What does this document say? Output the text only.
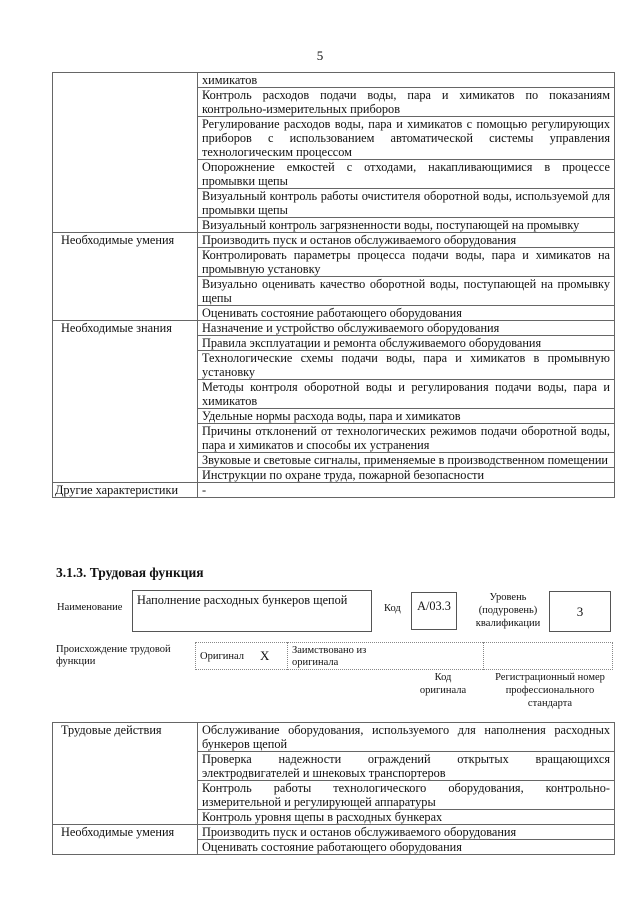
5
	химикатов
	Контроль расходов подачи воды, пара и химикатов по показаниям контрольно-измерительных приборов
	Регулирование расходов воды, пара и химикатов с помощью регулирующих приборов с использованием автоматической системы управления технологическим процессом
	Опорожнение емкостей с отходами, накапливающимися в процессе промывки щепы
	Визуальный контроль работы очистителя оборотной воды, используемой для промывки щепы
	Визуальный контроль загрязненности воды, поступающей на промывку
Необходимые умения	Производить пуск и останов обслуживаемого оборудования
	Контролировать параметры процесса подачи воды, пара и химикатов на промывную установку
	Визуально оценивать качество оборотной воды, поступающей на промывку щепы
	Оценивать состояние работающего оборудования
Необходимые знания	Назначение и устройство обслуживаемого оборудования
	Правила эксплуатации и ремонта обслуживаемого оборудования
	Технологические схемы подачи воды, пара и химикатов в промывную установку
	Методы контроля оборотной воды и регулирования подачи воды, пара и химикатов
	Удельные нормы расхода воды, пара и химикатов
	Причины отклонений от технологических режимов подачи оборотной воды, пара и химикатов и способы их устранения
	Звуковые и световые сигналы, применяемые в производственном помещении
	Инструкции по охране труда, пожарной безопасности
Другие характеристики	-
3.1.3. Трудовая функция
Наименование
Наполнение расходных бункеров щепой
Код	А/03.3
Уровень (подуровень) квалификации
3
Происхождение трудовой функции	Оригинал X Заимствовано из оригинала
Код оригинала
Регистрационный номер профессионального стандарта
Трудовые действия	Обслуживание оборудования, используемого для наполнения расходных бункеров щепой
	Проверка надежности ограждений открытых вращающихся электродвигателей и шнековых транспортеров
	Контроль работы технологического оборудования, контрольно-измерительной и регулирующей аппаратуры
	Контроль уровня щепы в расходных бункерах
Необходимые умения	Производить пуск и останов обслуживаемого оборудования
	Оценивать состояние работающего оборудования
